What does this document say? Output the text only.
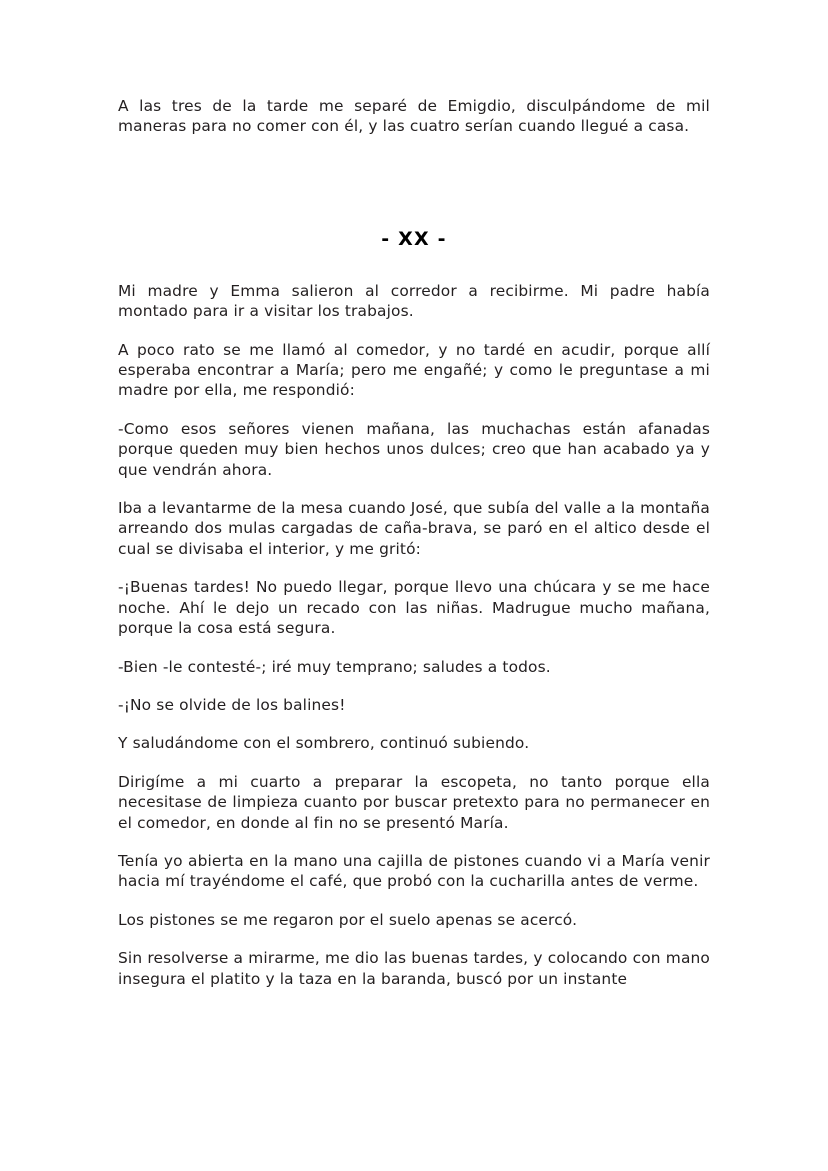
A las tres de la tarde me separé de Emigdio, disculpándome de mil maneras para no comer con él, y las cuatro serían cuando llegué a casa.

- XX -

Mi madre y Emma salieron al corredor a recibirme. Mi padre había montado para ir a visitar los trabajos.

A poco rato se me llamó al comedor, y no tardé en acudir, porque allí esperaba encontrar a María; pero me engañé; y como le preguntase a mi madre por ella, me respondió:

-Como esos señores vienen mañana, las muchachas están afanadas porque queden muy bien hechos unos dulces; creo que han acabado ya y que vendrán ahora.

Iba a levantarme de la mesa cuando José, que subía del valle a la montaña arreando dos mulas cargadas de caña-brava, se paró en el altico desde el cual se divisaba el interior, y me gritó:

-¡Buenas tardes! No puedo llegar, porque llevo una chúcara y se me hace noche. Ahí le dejo un recado con las niñas. Madrugue mucho mañana, porque la cosa está segura.

-Bien -le contesté-; iré muy temprano; saludes a todos.

-¡No se olvide de los balines!

Y saludándome con el sombrero, continuó subiendo.

Dirigíme a mi cuarto a preparar la escopeta, no tanto porque ella necesitase de limpieza cuanto por buscar pretexto para no permanecer en el comedor, en donde al fin no se presentó María.

Tenía yo abierta en la mano una cajilla de pistones cuando vi a María venir hacia mí trayéndome el café, que probó con la cucharilla antes de verme.

Los pistones se me regaron por el suelo apenas se acercó.

Sin resolverse a mirarme, me dio las buenas tardes, y colocando con mano insegura el platito y la taza en la baranda, buscó por un instante
